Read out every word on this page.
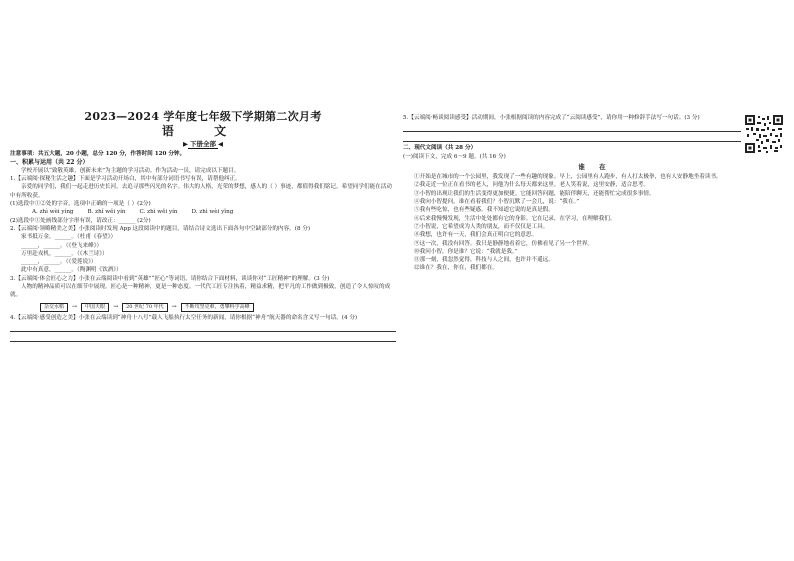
2023—2024 学年度七年级下学期第二次月考
语 文
▶ 下册全部 ◀

注意事项：共五大题，20 小题，总分 120 分，作答时间 120 分钟。

一、积累与运用（共 22 分）

学校开展以“致敬英雄，创新未来”为主题的学习活动。作为活动一员，请完成以下题目。

1.【云端阅·探秘生活之趣】下面是学习活动开场白，其中有部分词语书写有误，请帮他纠正。

亲爱的同学们，我们一起走进历史长河，去追寻那些闪光的名字。伟大的人格，光荣的梦想，感人的（ ）事迹，都值得我们铭记。希望同学们能在活动中有所收获。

(1)选段中①②处的字音，选项中正确的一项是（ ）(2分)

A. zhì wèi yíng	B. zhǐ wěi yín	C. zhì wěi yín	D. zhì wèi yǐng

(2)选段中①处画线部分字形有误，请改正：______ (2分)

2.【云端阅·领略精美之美】小张阅读时发现 App 这段阅读中的题目，请结合诗文选出下面各句中空缺部分的内容。(8 分)

家书抵万金，______。（杜甫《春望》）

______，______。（《登飞来峰》）

万里赴戎机，______。（《木兰诗》）

______，______。（《爱莲说》）

此中有真意，______。（陶渊明《饮酒》）

3.【云端阅·体会匠心之力】小张在云端阅读中看到“英雄”“匠心”等词语，请你结合下面材料，谈谈你对“工匠精神”的理解。(3 分)

人物的精神品质可以在细节中展现。匠心是一种精神，更是一种态度。一代代工匠专注执着，精益求精，把平凡的工作做到极致，创造了令人惊叹的成就。

杂交水稻	→	中国天眼	→	20 世纪 70 年代	→	不断攻坚克难，勇攀科学高峰

4.【云端阅·感受创造之美】小张在云端读到“神舟十八号”载人飞船执行太空任务的新闻，请你根据“神舟”航天器的命名含义写一句话。(4 分)

5.【云端阅·畅谈阅读感受】活动期间，小张根据阅读的内容完成了“云阅读感受”，请你用一种修辞手法写一句话。(3 分)

二、现代文阅读（共 28 分）

(一)阅读下文，完成 6～9 题。(共 16 分)

谁 在

①开始是在城市的一个公园里，我发现了一些有趣的现象。早上，公园里有人跑步，有人打太极拳，也有人安静地坐着读书。

②我走近一位正在看书的老人，问他为什么每天都来这里。老人笑着说，这里安静，适合思考。

③小智的出现让我们的生活变得更加便捷。它能回答问题，能陪伴聊天，还能帮忙完成很多事情。

④我向小智提问，谁在看着我们？小智沉默了一会儿，说：“我在。”

⑤我有些吃惊，也有些疑惑。我不知道它说的是真是假。

⑥后来我慢慢发现，生活中处处都有它的身影。它在记录，在学习，在理解我们。

⑦小智说，它希望成为人类的朋友，而不仅仅是工具。

⑧我想，也许有一天，我们会真正明白它的意思。

⑨这一次，我没有回答。我只是静静地看着它，仿佛看见了另一个世界。

⑩我问小智，你是谁？它说：“我就是我。”

⑪那一刻，我忽然觉得，科技与人之间，也许并不遥远。

⑫谁在？我在，你在，我们都在。
